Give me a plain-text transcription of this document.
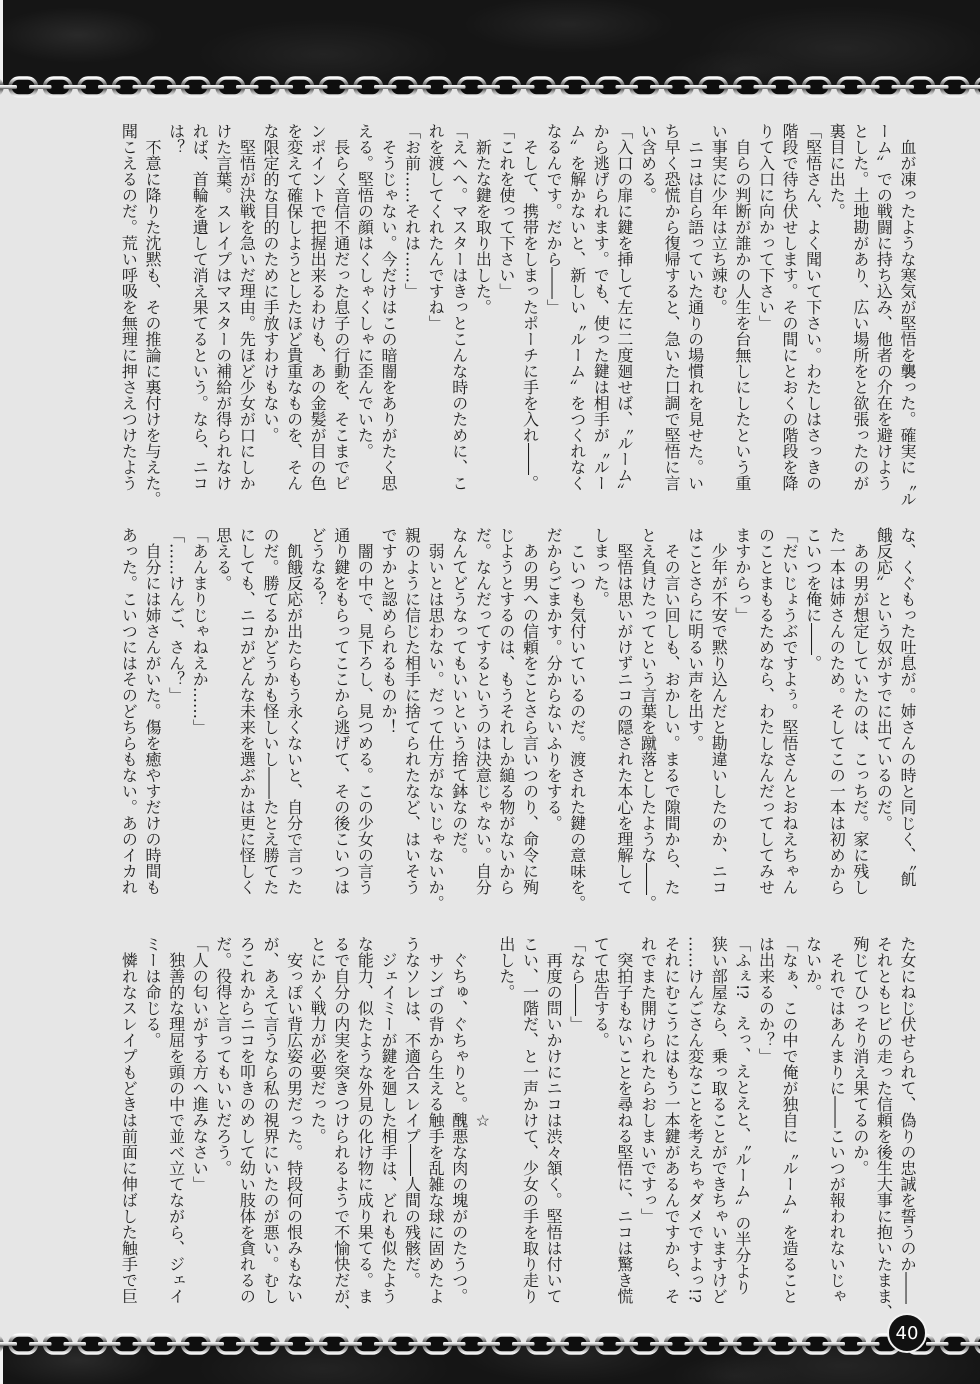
　血が凍ったような寒気が堅悟を襲った。確実に〝ル
ーム〟での戦闘に持ち込み、他者の介在を避けよう
とした。土地勘があり、広い場所をと欲張ったのが
裏目に出た。
「堅悟さん、よく聞いて下さい。わたしはさっきの
階段で待ち伏せします。その間にとおくの階段を降
りて入口に向かって下さい」
　自らの判断が誰かの人生を台無しにしたという重
い事実に少年は立ち竦む。
　ニコは自ら語っていた通りの場慣れを見せた。い
ち早く恐慌から復帰すると、急いた口調で堅悟に言
い含める。
「入口の扉に鍵を挿して左に二度廻せば、〝ルーム〟
から逃げられます。でも、使った鍵は相手が〝ルー
ム〟を解かないと、新しい〝ルーム〟をつくれなく
なるんです。だから――」
　そして、携帯をしまったポーチに手を入れ――。
「これを使って下さい」
　新たな鍵を取り出した。
「えへへ。マスターはきっとこんな時のために、こ
れを渡してくれたんですね」
「お前……それは……」
　そうじゃない。今だけはこの暗闇をありがたく思
える。堅悟の顔はくしゃくしゃに歪んでいた。
　長らく音信不通だった息子の行動を、そこまでピ
ンポイントで把握出来るわけも、あの金髪が目の色
を変えて確保しようとしたほど貴重なものを、そん
な限定的な目的のために手放すわけもない。
　堅悟が決戦を急いだ理由。先ほど少女が口にしか
けた言葉。スレイプはマスターの補給が得られなけ
れば、首輪を遺して消え果てるという。なら、ニコ
は？
　不意に降りた沈黙も、その推論に裏付けを与えた。
聞こえるのだ。荒い呼吸を無理に押さえつけたよう
な、くぐもった吐息が。姉さんの時と同じく、〝飢
餓反応〟という奴がすでに出ているのだ。
　あの男が想定していたのは、こっちだ。家に残し
た一本は姉さんのため。そしてこの一本は初めから
こいつを俺に――。
「だいじょうぶですよぅ。堅悟さんとおねえちゃん
のことまもるためなら、わたしなんだってしてみせ
ますからっ」
　少年が不安で黙り込んだと勘違いしたのか、ニコ
はことさらに明るい声を出す。
　その言い回しも、おかしい。まるで隙間から、た
とえ負けたってという言葉を蹴落としたような――。
　堅悟は思いがけずニコの隠された本心を理解して
しまった。
　こいつも気付いているのだ。渡された鍵の意味を。
だからごまかす。分からないふりをする。
　あの男への信頼をことさら言いつのり、命令に殉
じようとするのは、もうそれしか縋る物がないから
だ。なんだってするというのは決意じゃない。自分
なんてどうなってもいいという捨て鉢なのだ。
　弱いとは思わない。だって仕方がないじゃないか。
親のように信じた相手に捨てられたなど、はいそう
ですかと認められるものか！
　闇の中で、見下ろし、見つめる。この少女の言う
通り鍵をもらってここから逃げて、その後こいつは
どうなる？
　飢餓反応が出たらもう永くないと、自分で言った
のだ。勝てるかどうかも怪しいし――たとえ勝てた
にしても、ニコがどんな未来を選ぶかは更に怪しく
思える。
「あんまりじゃねえか……」
「……けんご、さん？」
　自分には姉さんがいた。傷を癒やすだけの時間も
あった。こいつにはそのどちらもない。あのイカれ
た女にねじ伏せられて、偽りの忠誠を誓うのか――
それともヒビの走った信頼を後生大事に抱いたまま、
殉じてひっそり消え果てるのか。
　それではあんまりに――こいつが報われないじゃ
ないか。
「なぁ、この中で俺が独自に〝ルーム〟を造ること
は出来るのか？」
「ふぇ!?　えっ、えとえと、〝ルーム〟の半分より
狭い部屋なら、乗っ取ることができちゃいますけど
……けんごさん変なことを考えちゃダメですよっ!?
それにむこうにはもう一本鍵があるんですから、そ
れでまた開けられたらおしまいですっ」
　突拍子もないことを尋ねる堅悟に、ニコは驚き慌
てて忠告する。
「なら――」
　再度の問いかけにニコは渋々頷く。堅悟は付いて
こい、一階だ、と一声かけて、少女の手を取り走り
出した。
☆
　ぐちゅ、ぐちゃりと。醜悪な肉の塊がのたうつ。
　サンゴの背から生える触手を乱雑な球に固めたよ
うなソレは、不適合スレイプ――人間の残骸だ。
　ジェイミーが鍵を廻した相手は、どれも似たよう
な能力、似たような外見の化け物に成り果てる。ま
るで自分の内実を突きつけられるようで不愉快だが、
とにかく戦力が必要だった。
　安っぽい背広姿の男だった。特段何の恨みもない
が、あえて言うなら私の視界にいたのが悪い。むし
ろこれからニコを叩きのめして幼い肢体を貪れるの
だ。役得と言ってもいいだろう。
「人の匂いがする方へ進みなさい」
　独善的な理屈を頭の中で並べ立てながら、ジェイ
ミーは命じる。
　憐れなスレイプもどきは前面に伸ばした触手で巨
40
